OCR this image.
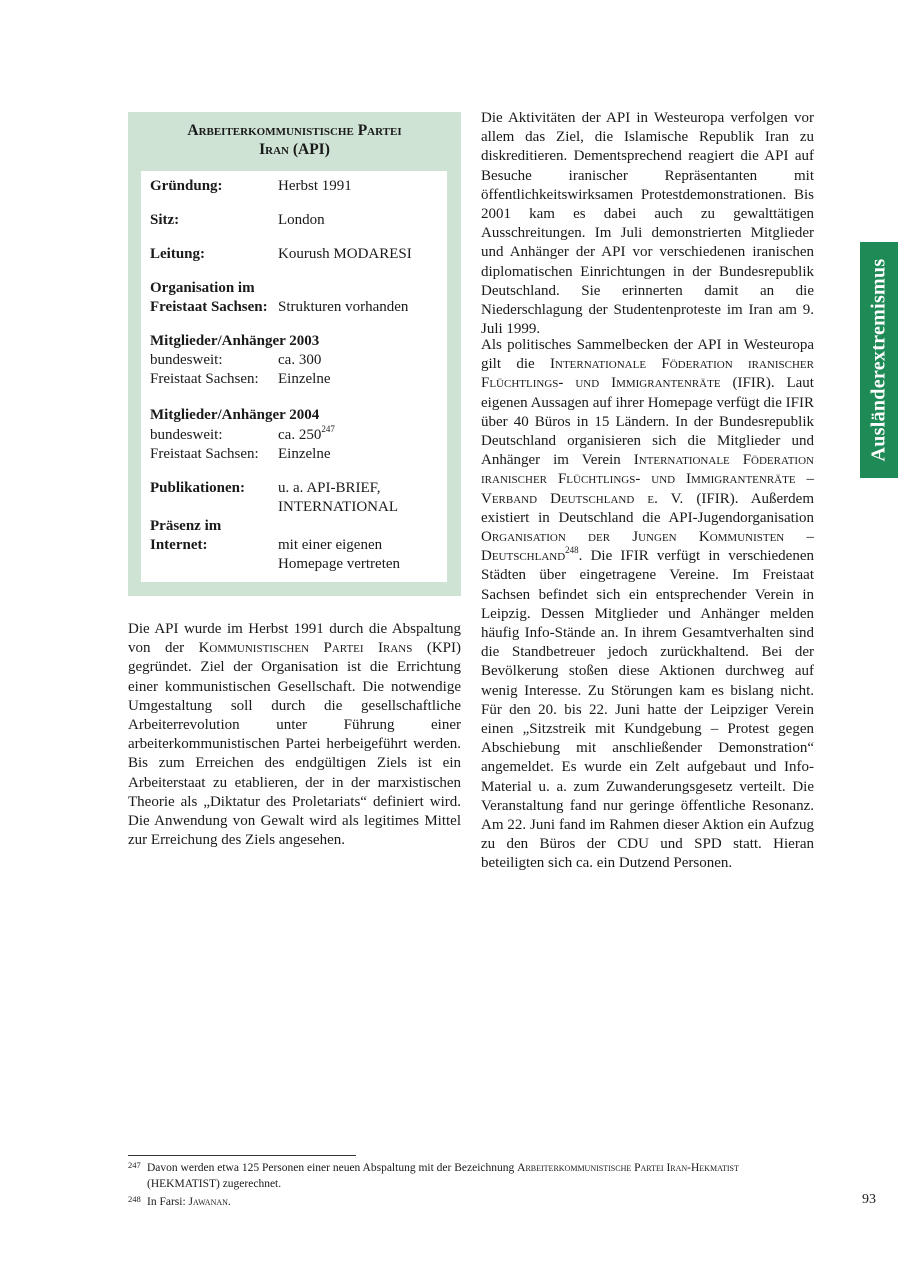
Arbeiterkommunistische Partei
Iran (API)
Gründung:	Herbst 1991
Sitz:	London
Leitung:	Kourush MODARESI
Organisation im
Freistaat Sachsen: Strukturen vorhanden
Mitglieder/Anhänger 2003
bundesweit:	ca. 300
Freistaat Sachsen: Einzelne
Mitglieder/Anhänger 2004
bundesweit:	ca. $250^{247}$
Freistaat Sachsen: Einzelne
Publikationen: u. a. API-BRIEF,
INTERNATIONAL
Präsenz im
Internet:	mit einer eigenen
Homepage vertreten

Die API wurde im Herbst 1991 durch die Abspaltung von der Kommunistischen Partei Irans (KPI) gegründet. Ziel der Organisation ist die Errichtung einer kommunistischen Gesellschaft. Die notwendige Umgestaltung soll durch die gesellschaftliche Arbeiterrevolution unter Führung einer arbeiterkommunistischen Partei herbeigeführt werden. Bis zum Erreichen des endgültigen Ziels ist ein Arbeiterstaat zu etablieren, der in der marxistischen Theorie als „Diktatur des Proletariats“ definiert wird. Die Anwendung von Gewalt wird als legitimes Mittel zur Erreichung des Ziels angesehen.

Die Aktivitäten der API in Westeuropa verfolgen vor allem das Ziel, die Islamische Republik Iran zu diskreditieren. Dementsprechend reagiert die API auf Besuche iranischer Repräsentanten mit öffentlichkeitswirksamen Protestdemonstrationen. Bis 2001 kam es dabei auch zu gewalttätigen Ausschreitungen. Im Juli demonstrierten Mitglieder und Anhänger der API vor verschiedenen iranischen diplomatischen Einrichtungen in der Bundesrepublik Deutschland. Sie erinnerten damit an die Niederschlagung der Studentenproteste im Iran am 9. Juli 1999.

Als politisches Sammelbecken der API in Westeuropa gilt die Internationale Föderation iranischer Flüchtlings- und Immigrantenräte (IFIR). Laut eigenen Aussagen auf ihrer Homepage verfügt die IFIR über 40 Büros in 15 Ländern. In der Bundesrepublik Deutschland organisieren sich die Mitglieder und Anhänger im Verein Internationale Föderation iranischer Flüchtlings- und Immigrantenräte – Verband Deutschland e. V. (IFIR). Außerdem existiert in Deutschland die API-Jugendorganisation Organisation der Jungen Kommunisten – Deutschland$^{248}$. Die IFIR verfügt in verschiedenen Städten über eingetragene Vereine. Im Freistaat Sachsen befindet sich ein entsprechender Verein in Leipzig. Dessen Mitglieder und Anhänger melden häufig Info-Stände an. In ihrem Gesamtverhalten sind die Standbetreuer jedoch zurückhaltend. Bei der Bevölkerung stoßen diese Aktionen durchweg auf wenig Interesse. Zu Störungen kam es bislang nicht. Für den 20. bis 22. Juni hatte der Leipziger Verein einen „Sitzstreik mit Kundgebung – Protest gegen Abschiebung mit anschließender Demonstration“ angemeldet. Es wurde ein Zelt aufgebaut und Info-Material u. a. zum Zuwanderungsgesetz verteilt. Die Veranstaltung fand nur geringe öffentliche Resonanz. Am 22. Juni fand im Rahmen dieser Aktion ein Aufzug zu den Büros der CDU und SPD statt. Hieran beteiligten sich ca. ein Dutzend Personen.

Ausländerextremismus
247 Davon werden etwa 125 Personen einer neuen Abspaltung mit der Bezeichnung Arbeiterkommunistische Partei Iran-Hekmatist
(HEKMATIST) zugerechnet.
248 In Farsi: Jawanan.	93
